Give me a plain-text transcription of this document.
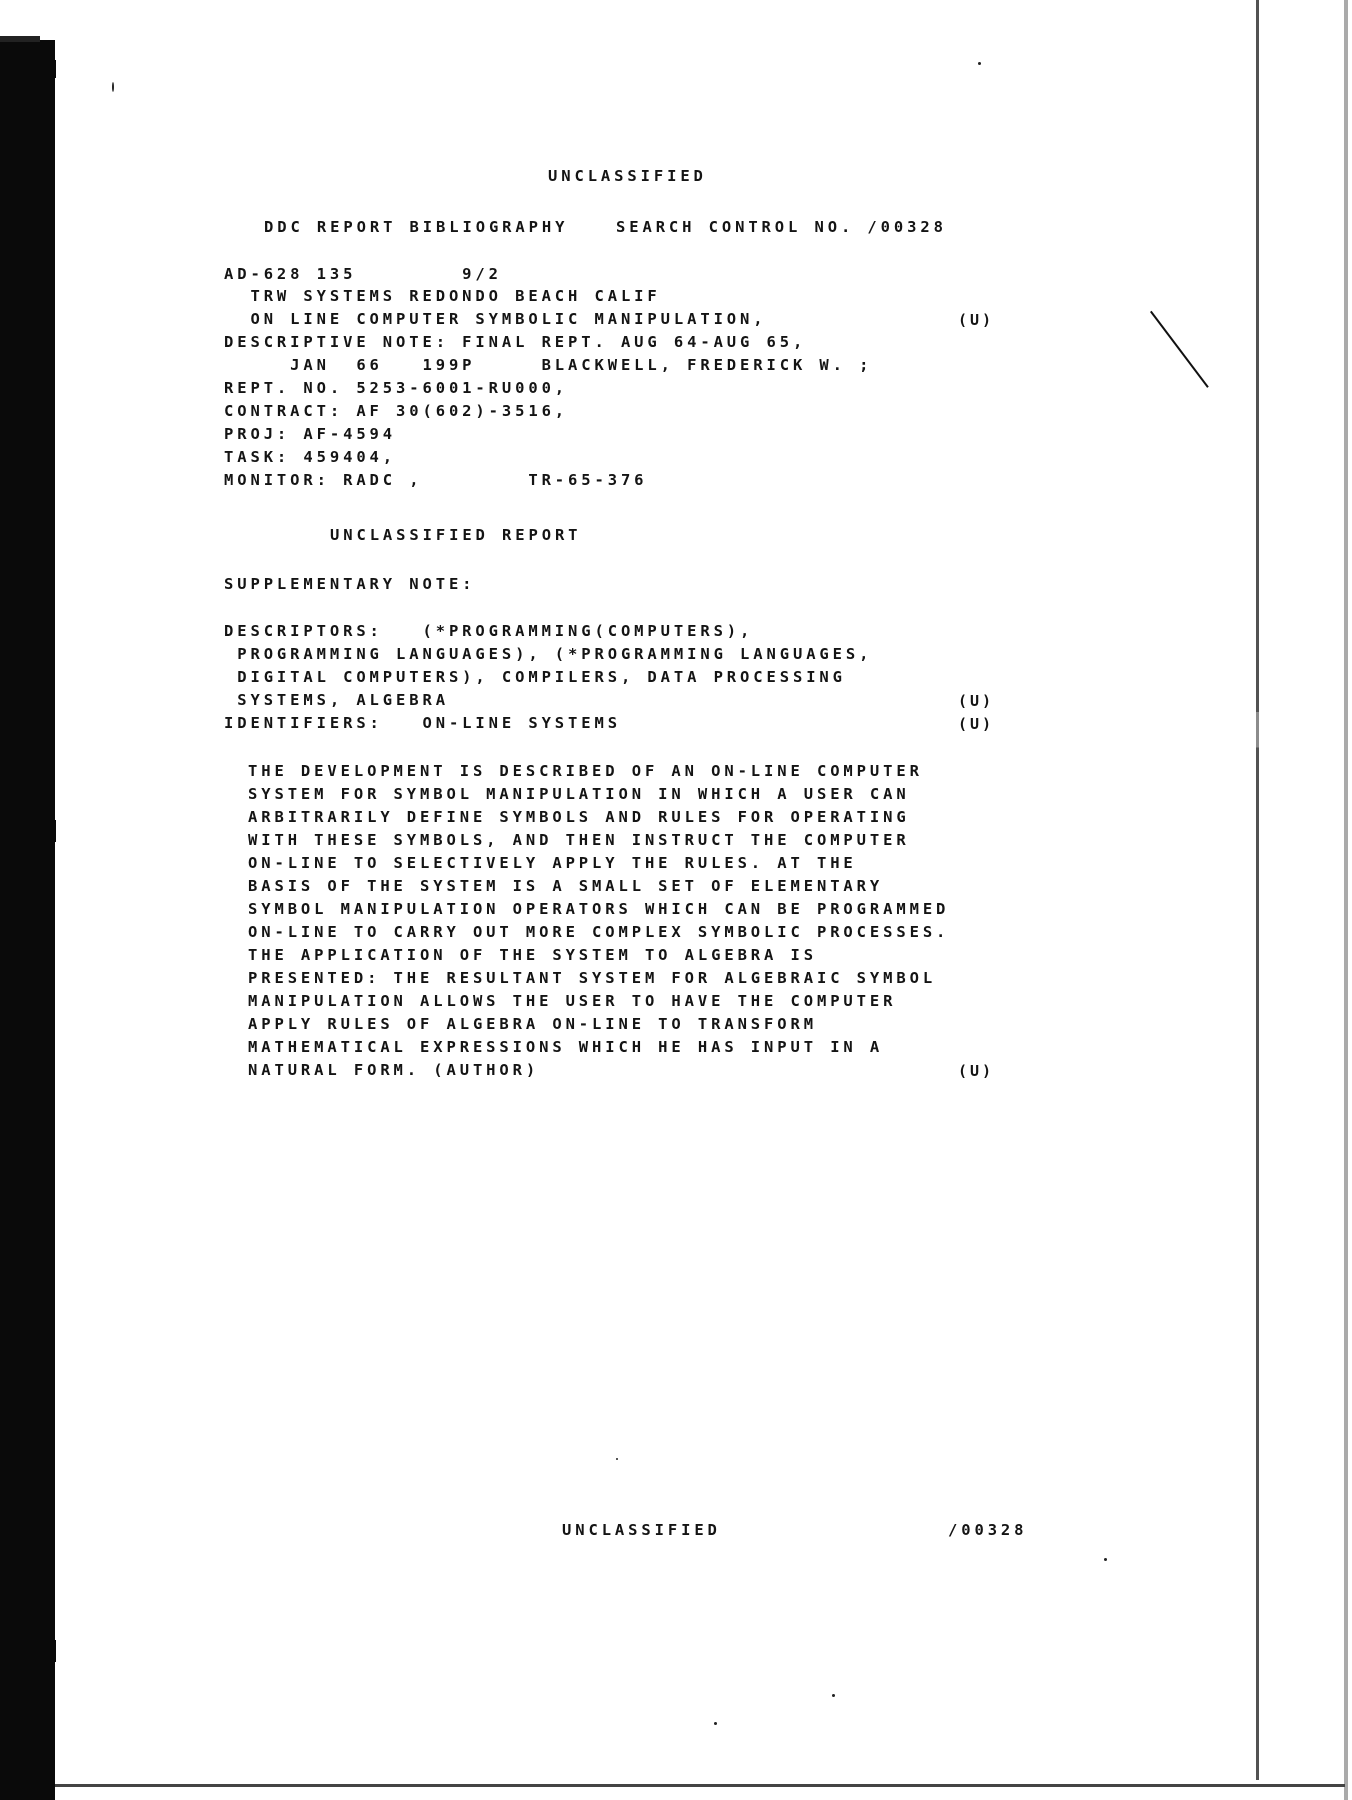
UNCLASSIFIED
DDC REPORT BIBLIOGRAPHY	SEARCH CONTROL NO. /00328
AD-628 135        9/2
TRW SYSTEMS REDONDO BEACH CALIF
ON LINE COMPUTER SYMBOLIC MANIPULATION,	(U)
DESCRIPTIVE NOTE: FINAL REPT. AUG 64-AUG 65,
JAN  66   199P     BLACKWELL, FREDERICK W. ;
REPT. NO. 5253-6001-RU000,
CONTRACT: AF 30(602)-3516,
PROJ: AF-4594
TASK: 459404,
MONITOR: RADC ,        TR-65-376
UNCLASSIFIED REPORT
SUPPLEMENTARY NOTE:
DESCRIPTORS:   (*PROGRAMMING(COMPUTERS),
PROGRAMMING LANGUAGES), (*PROGRAMMING LANGUAGES,
DIGITAL COMPUTERS), COMPILERS, DATA PROCESSING
SYSTEMS, ALGEBRA	(U)
IDENTIFIERS:   ON-LINE SYSTEMS	(U)
THE DEVELOPMENT IS DESCRIBED OF AN ON-LINE COMPUTER
SYSTEM FOR SYMBOL MANIPULATION IN WHICH A USER CAN
ARBITRARILY DEFINE SYMBOLS AND RULES FOR OPERATING
WITH THESE SYMBOLS, AND THEN INSTRUCT THE COMPUTER
ON-LINE TO SELECTIVELY APPLY THE RULES. AT THE
BASIS OF THE SYSTEM IS A SMALL SET OF ELEMENTARY
SYMBOL MANIPULATION OPERATORS WHICH CAN BE PROGRAMMED
ON-LINE TO CARRY OUT MORE COMPLEX SYMBOLIC PROCESSES.
THE APPLICATION OF THE SYSTEM TO ALGEBRA IS
PRESENTED: THE RESULTANT SYSTEM FOR ALGEBRAIC SYMBOL
MANIPULATION ALLOWS THE USER TO HAVE THE COMPUTER
APPLY RULES OF ALGEBRA ON-LINE TO TRANSFORM
MATHEMATICAL EXPRESSIONS WHICH HE HAS INPUT IN A
NATURAL FORM. (AUTHOR)	(U)
UNCLASSIFIED	/00328
